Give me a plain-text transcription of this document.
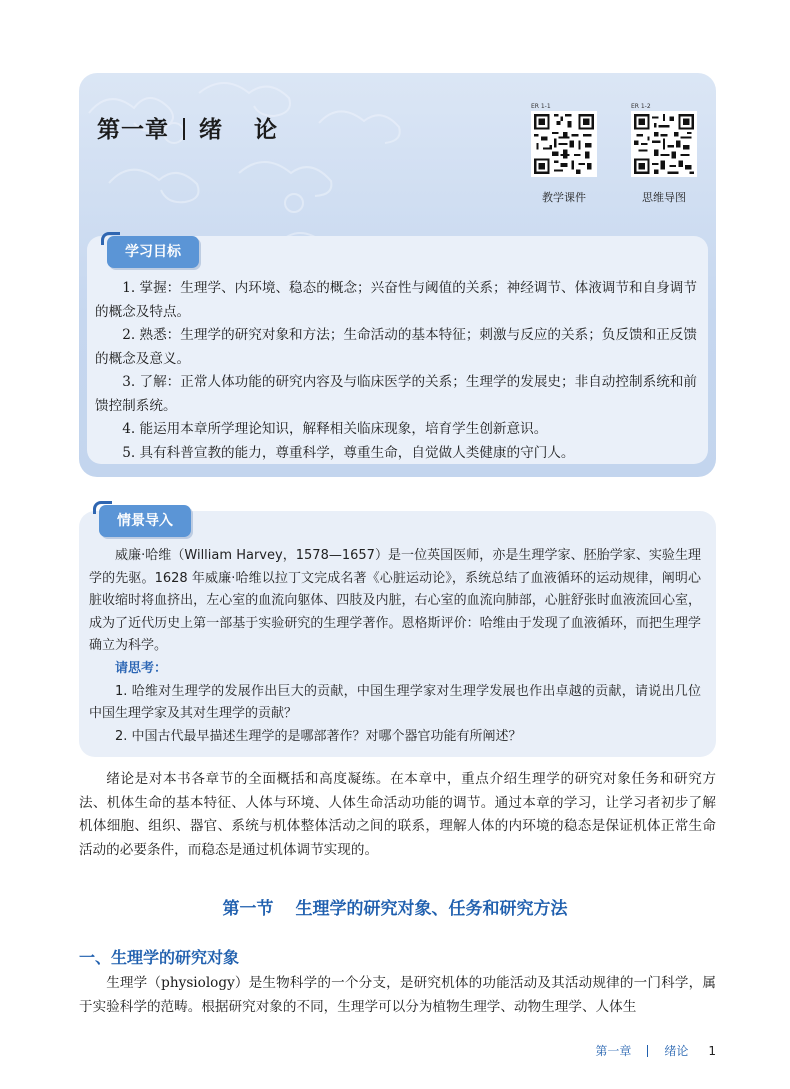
第一章 绪 论
ER 1-1
教学课件
ER 1-2
思维导图
学习目标

1. 掌握：生理学、内环境、稳态的概念；兴奋性与阈值的关系；神经调节、体液调节和自身调节的概念及特点。

2. 熟悉：生理学的研究对象和方法；生命活动的基本特征；刺激与反应的关系；负反馈和正反馈的概念及意义。

3. 了解：正常人体功能的研究内容及与临床医学的关系；生理学的发展史；非自动控制系统和前馈控制系统。

4. 能运用本章所学理论知识，解释相关临床现象，培育学生创新意识。

5. 具有科普宣教的能力，尊重科学，尊重生命，自觉做人类健康的守门人。

情景导入

威廉·哈维（William Harvey，1578—1657）是一位英国医师，亦是生理学家、胚胎学家、实验生理学的先驱。1628 年威廉·哈维以拉丁文完成名著《心脏运动论》，系统总结了血液循环的运动规律，阐明心脏收缩时将血挤出，左心室的血流向躯体、四肢及内脏，右心室的血流向肺部，心脏舒张时血液流回心室，成为了近代历史上第一部基于实验研究的生理学著作。恩格斯评价：哈维由于发现了血液循环，而把生理学确立为科学。

请思考：

1. 哈维对生理学的发展作出巨大的贡献，中国生理学家对生理学发展也作出卓越的贡献，请说出几位中国生理学家及其对生理学的贡献？

2. 中国古代最早描述生理学的是哪部著作？对哪个器官功能有所阐述？

绪论是对本书各章节的全面概括和高度凝练。在本章中，重点介绍生理学的研究对象任务和研究方法、机体生命的基本特征、人体与环境、人体生命活动功能的调节。通过本章的学习，让学习者初步了解机体细胞、组织、器官、系统与机体整体活动之间的联系，理解人体的内环境的稳态是保证机体正常生命活动的必要条件，而稳态是通过机体调节实现的。

第一节 生理学的研究对象、任务和研究方法
一、生理学的研究对象

生理学（physiology）是生物科学的一个分支，是研究机体的功能活动及其活动规律的一门科学，属于实验科学的范畴。根据研究对象的不同，生理学可以分为植物生理学、动物生理学、人体生

第一章	绪论 1
